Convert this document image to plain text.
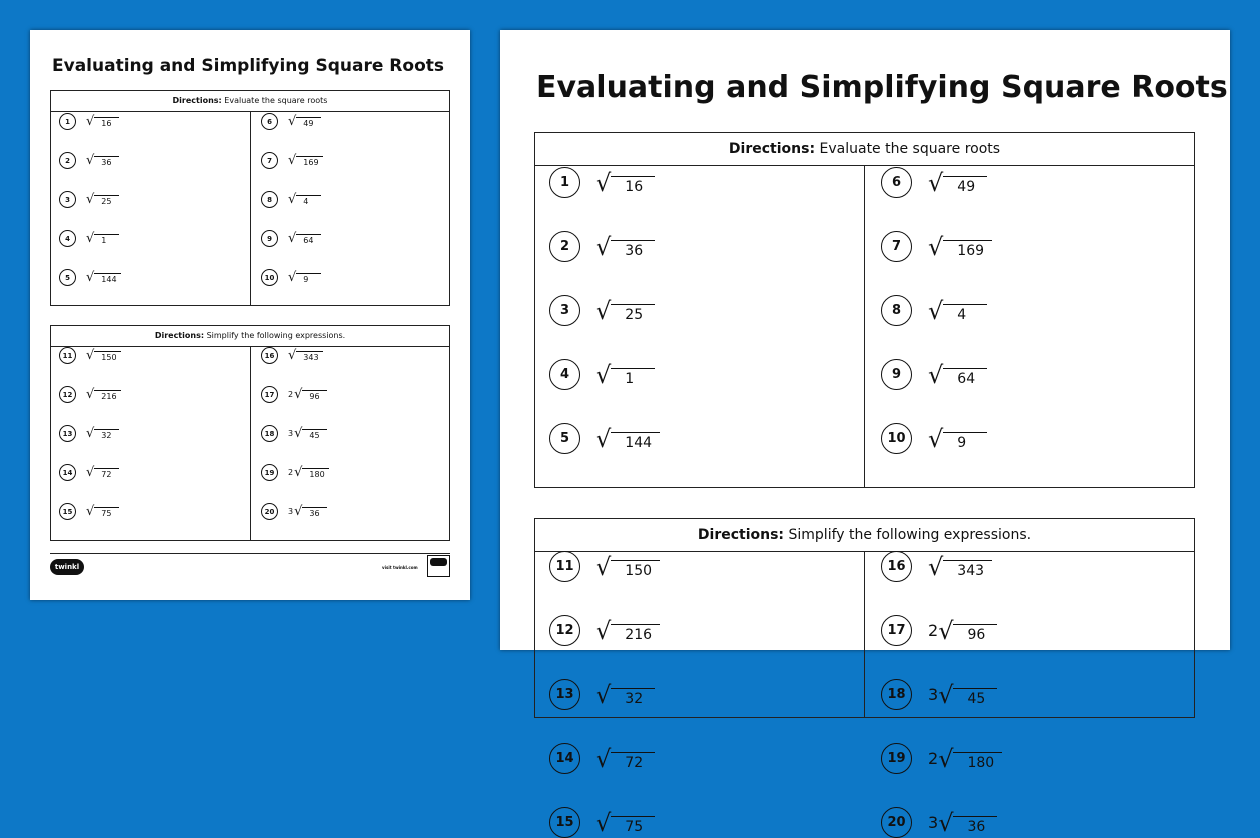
Evaluating and Simplifying Square Roots
Directions: Evaluate the square roots
1	√ 16
2	√ 36
3	√ 25
4	√ 1
5	√ 144
6	√ 49
7	√ 169
8	√ 4
9	√ 64
10 √ 9
Directions: Simplify the following expressions.
11 √ 150
12 √ 216
13 √ 32
14 √ 72
15 √ 75
16 √ 343
17	2 √ 96
18	3 √ 45
19	2 √ 180
20	3 √ 36
twinkl	visit twinkl.com
Evaluating and Simplifying Square Roots
Directions: Evaluate the square roots
1	√	16
2	√	36
3	√	25
4	√	1
5	√	144
6	√	49
7	√	169
8	√	4
9	√	64
10 √	9
Directions: Simplify the following expressions.
11 √	150
12 √	216
13 √	32
14 √	72
15 √	75
16 √	343
17	2 √	96
18	3 √	45
19	2 √	180
20	3 √	36
